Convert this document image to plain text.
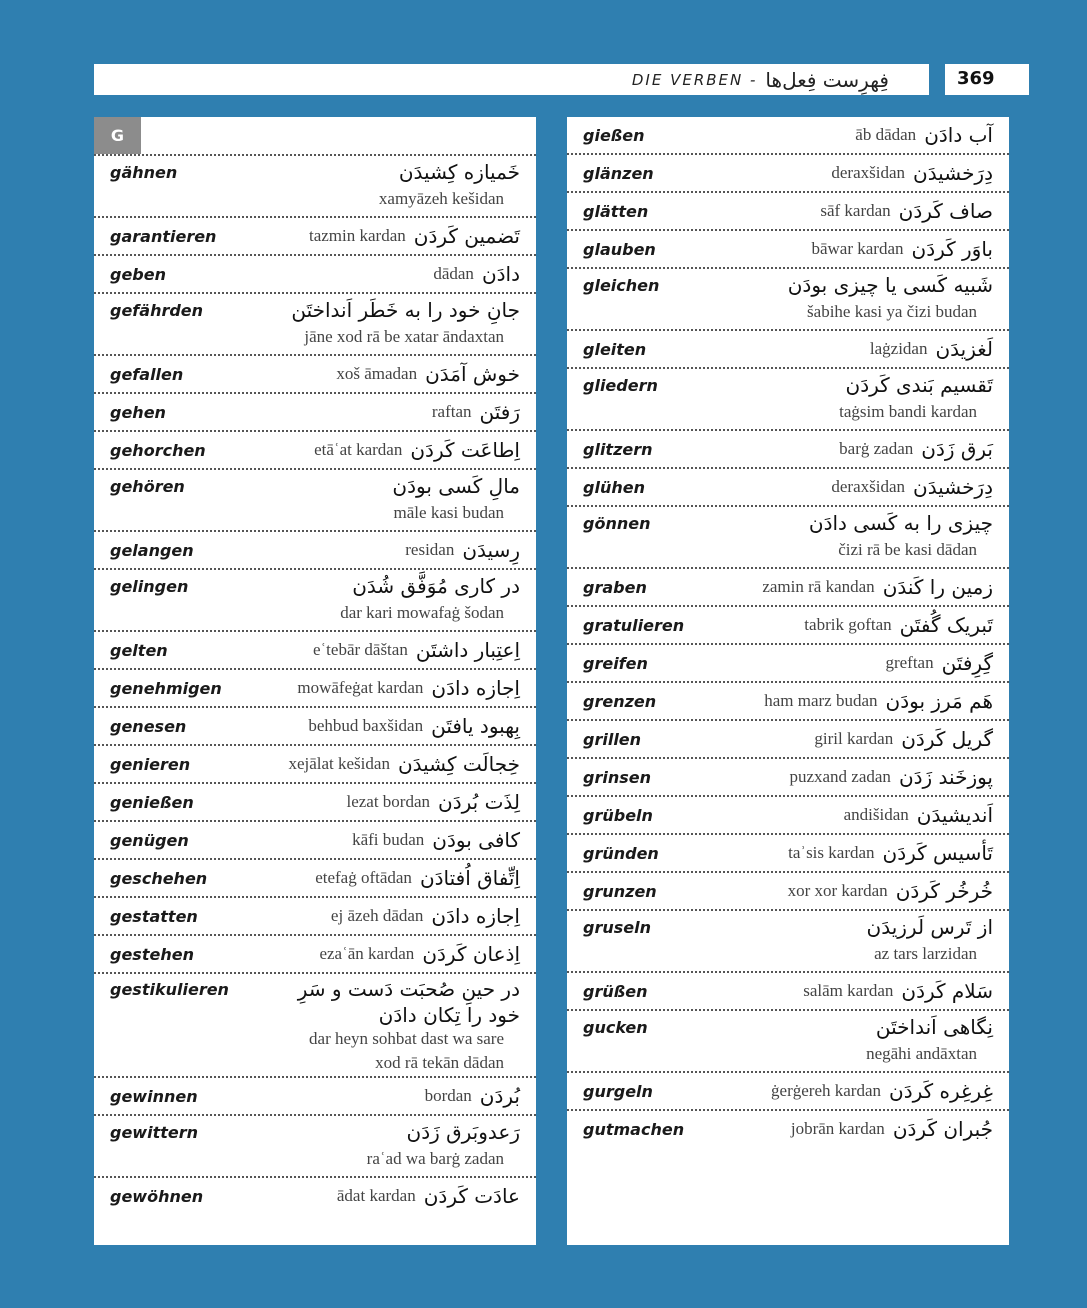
DIE VERBEN - فِهرِست فِعل‌ها	369
G
gähnen	خَمیازه کِشیدَن
xamyāzeh kešidan
garantieren	tazmin kardan تَضمین کَردَن
geben	dādan دادَن
gefährden	جانِ خود را به خَطَر اَنداختَن
jāne xod rā be xatar āndaxtan
gefallen	xoš āmadan خوش آمَدَن
gehen	raftan رَفتَن
gehorchen	etāʿat kardan اِطاعَت کَردَن
gehören	مالِ کَسی بودَن
māle kasi budan
gelangen	residan رِسیدَن
gelingen	در کاری مُوَفَّق شُدَن
dar kari mowafaġ šodan
gelten	eʿtebār dāštan اِعتِبار داشتَن
genehmigen	mowāfeġat kardan اِجازه دادَن
genesen	behbud baxšidan بِهبود یافتَن
genieren	xejālat kešidan خِجالَت کِشیدَن
genießen	lezat bordan لِذَت بُردَن
genügen	kāfi budan کافی بودَن
geschehen	etefaġ oftādan اِتِّفاق اُفتادَن
gestatten	ej āzeh dādan اِجازه دادَن
gestehen	ezaʿān kardan اِذعان کَردَن
gestikulieren	در حینِ صُحبَت دَست و سَرِ
خود را تِکان دادَن
dar heyn sohbat dast wa sare
xod rā tekān dādan
gewinnen	bordan بُردَن
gewittern	رَعدوبَرق زَدَن
raʿad wa barġ zadan
gewöhnen	ādat kardan عادَت کَردَن
gießen	āb dādan آب دادَن
glänzen	deraxšidan دِرَخشیدَن
glätten	sāf kardan صاف کَردَن
glauben	bāwar kardan باوَر کَردَن
gleichen	شَبیه کَسی یا چیزی بودَن
šabihe kasi ya čizi budan
gleiten	laġzidan لَغزیدَن
gliedern	تَقسیم بَندی کَردَن
taġsim bandi kardan
glitzern	barġ zadan بَرق زَدَن
glühen	deraxšidan دِرَخشیدَن
gönnen	چیزی را به کَسی دادَن
čizi rā be kasi dādan
graben	zamin rā kandan زمین را کَندَن
gratulieren	tabrik goftan تَبریک گُفتَن
greifen	greftan گِرِفتَن
grenzen	ham marz budan هَم مَرز بودَن
grillen	giril kardan گریل کَردَن
grinsen	puzxand zadan پوزخَند زَدَن
grübeln	andišidan اَندیشیدَن
gründen	taʾsis kardan تَأسیس کَردَن
grunzen	xor xor kardan خُرخُر کَردَن
gruseln	از تَرس لَرزیدَن
az tars larzidan
grüßen	salām kardan سَلام کَردَن
gucken	نِگاهی اَنداختَن
negāhi andāxtan
gurgeln	ġerġereh kardan غِرغِره کَردَن
gutmachen	jobrān kardan جُبران کَردَن
